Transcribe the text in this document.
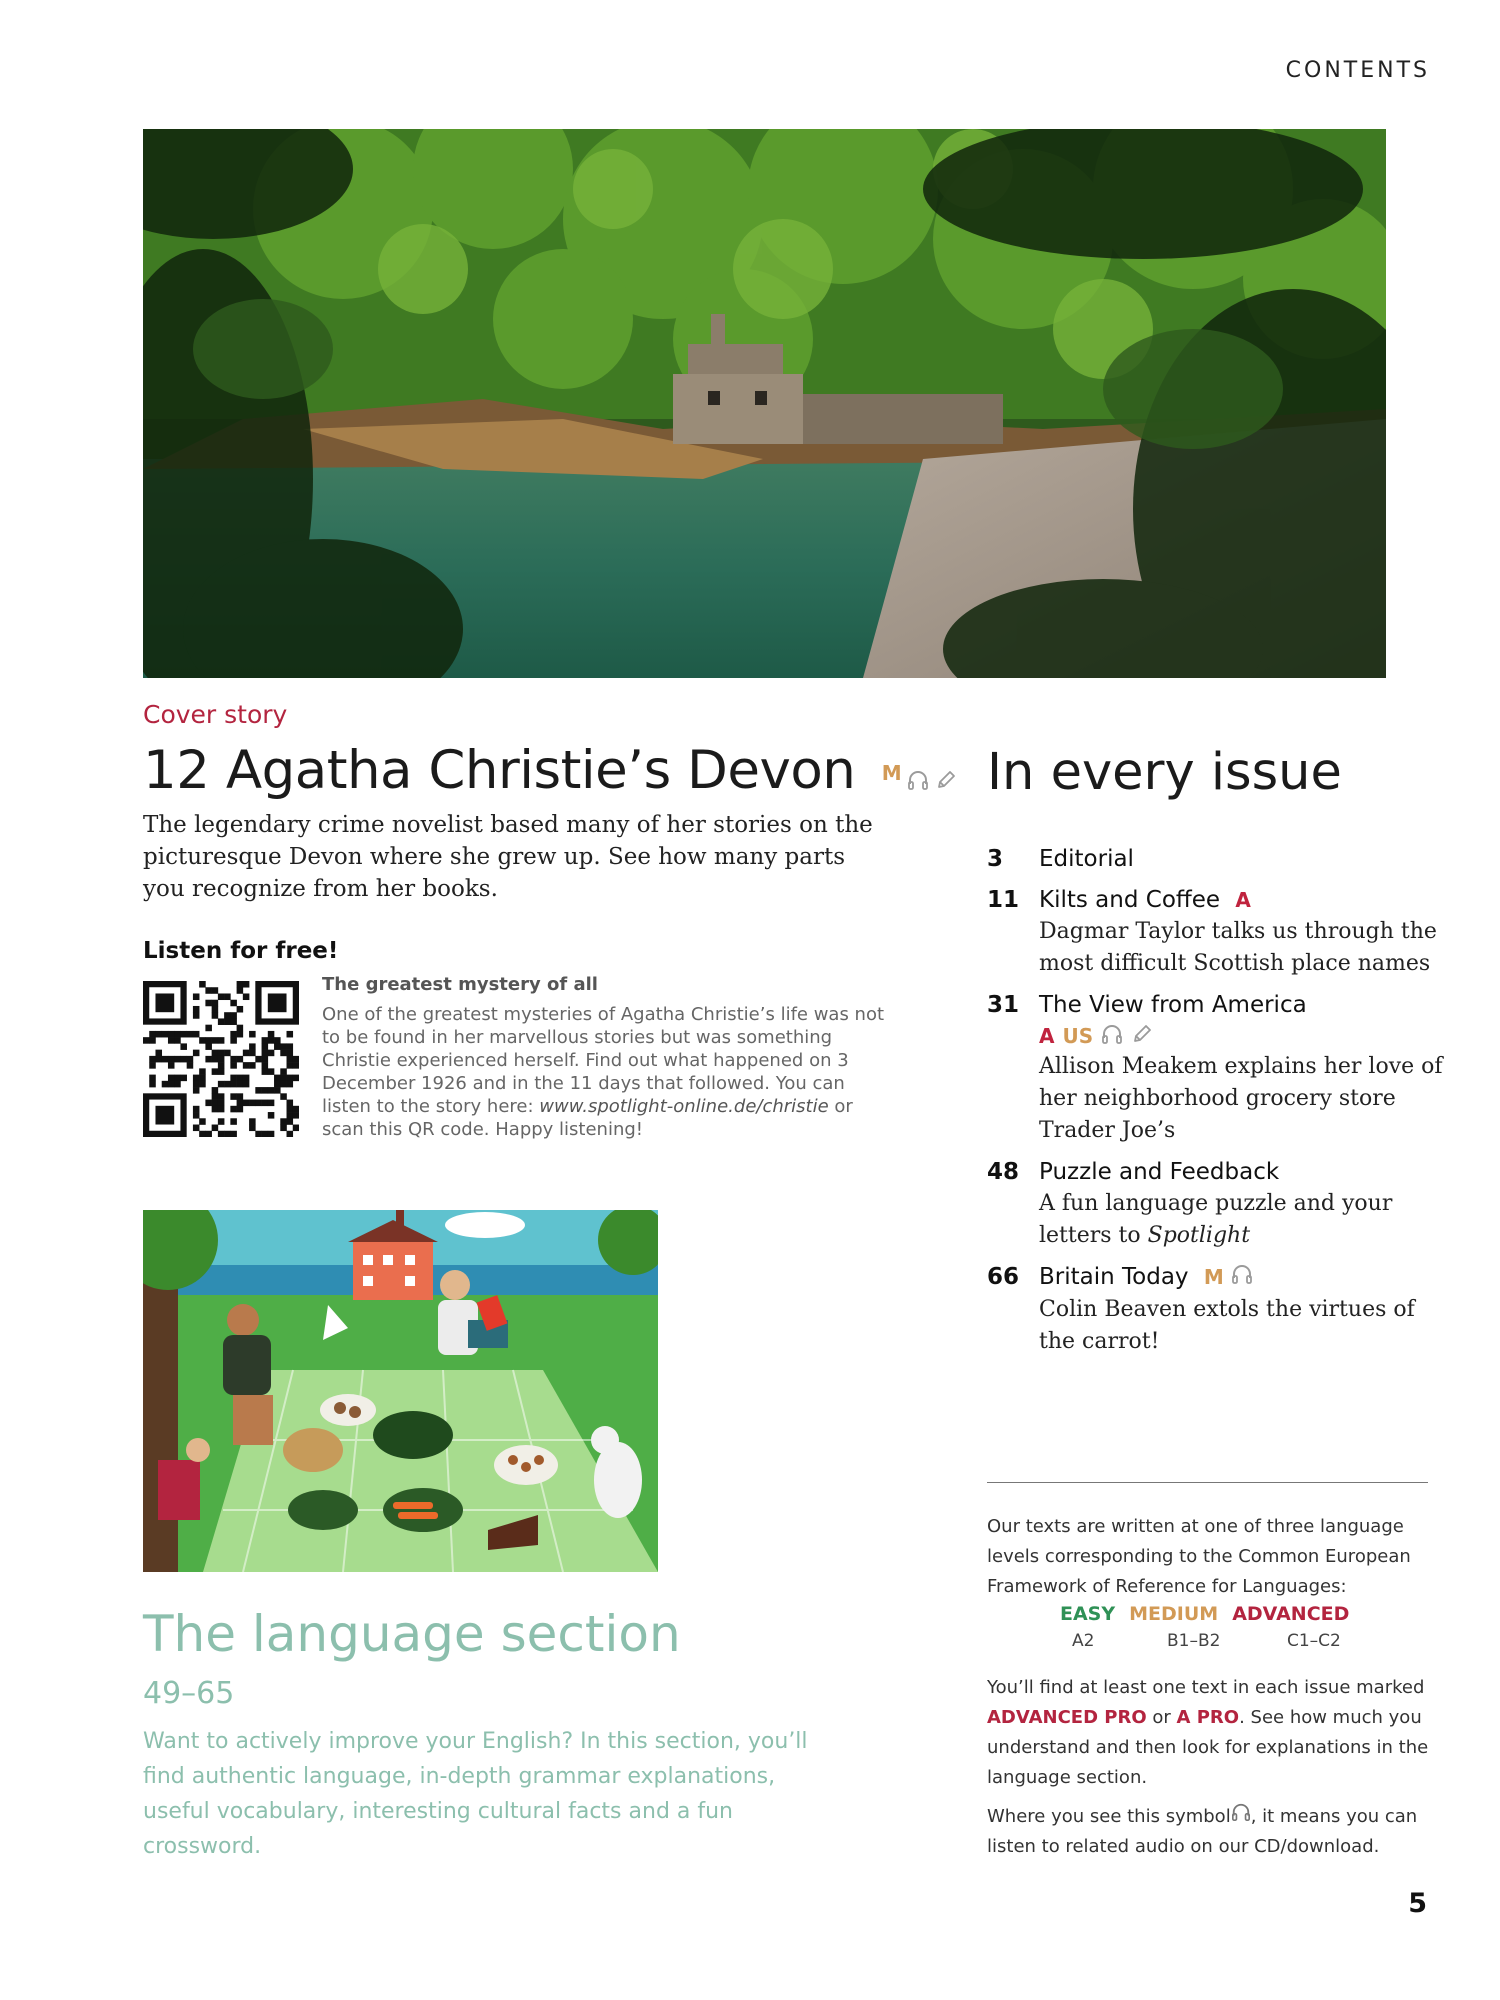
CONTENTS
Cover story
12 Agatha Christie’s Devon M
The legendary crime novelist based many of her stories on the picturesque Devon where she grew up. See how many parts you recognize from her books.
Listen for free!
The greatest mystery of all
One of the greatest mysteries of Agatha Christie’s life was not to be found in her marvellous stories but was something Christie experienced herself. Find out what happened on 3 December 1926 and in the 11 days that followed. You can listen to the story here: www.spotlight-online.de/christie or scan this QR code. Happy listening!
The language section
49–65
Want to actively improve your English? In this section, you’ll find authentic language, in-depth grammar explanations, useful vocabulary, interesting cultural facts and a fun crossword.
In every issue
3	Editorial
11 Kilts and Coffee A
Dagmar Taylor talks us through the most difficult Scottish place names
31 The View from America
A US
Allison Meakem explains her love of her neighborhood grocery store Trader Joe’s
48 Puzzle and Feedback
A fun language puzzle and your letters to Spotlight
66 Britain Today M
Colin Beaven extols the virtues of the carrot!
Our texts are written at one of three language levels corresponding to the Common European Framework of Reference for Languages:
EASY MEDIUM ADVANCED
A2	B1–B2	C1–C2
You’ll find at least one text in each issue marked ADVANCED PRO or A PRO. See how much you understand and then look for explanations in the language section.
Where you see this symbol , it means you can listen to related audio on our CD/download.
5
